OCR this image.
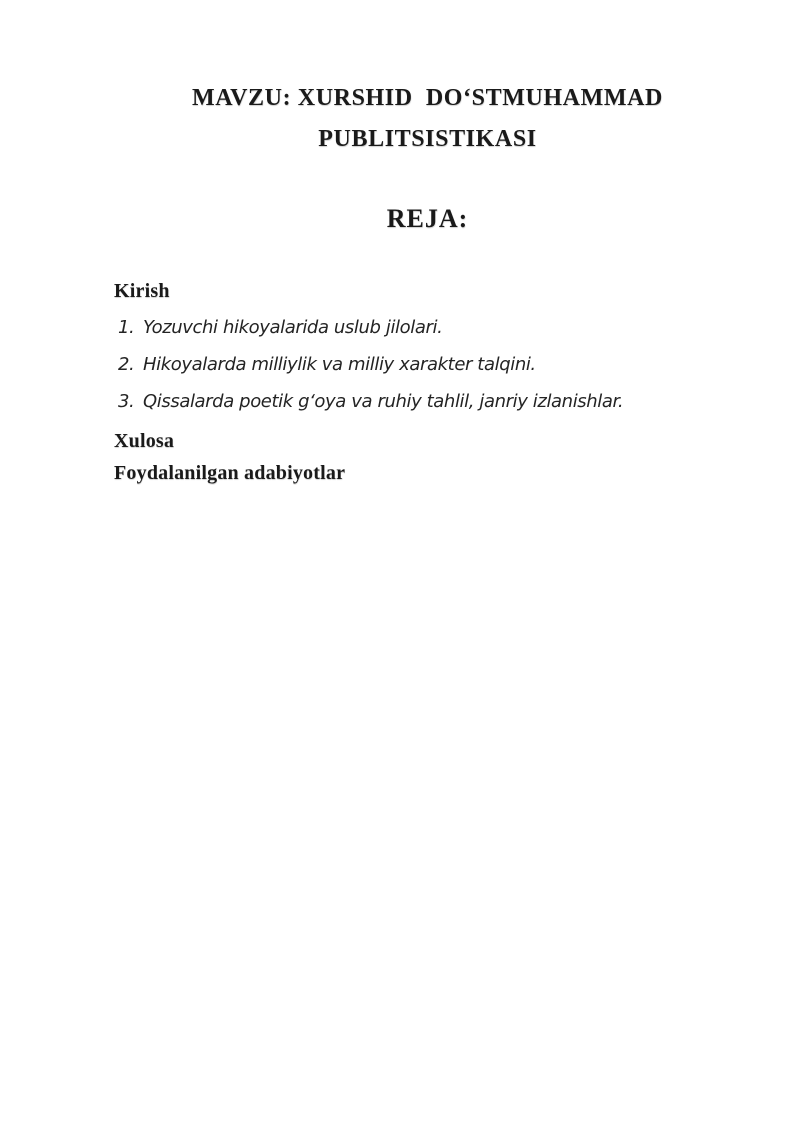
MAVZU: XURSHID  DO‘STMUHAMMAD
PUBLITSISTIKASI
REJA:
Kirish
1. Yozuvchi hikoyalarida uslub jilolari.
2. Hikoyalarda milliylik va milliy xarakter talqini.
3. Qissalarda poetik g‘oya va ruhiy tahlil, janriy izlanishlar.
Xulosa
Foydalanilgan adabiyotlar
